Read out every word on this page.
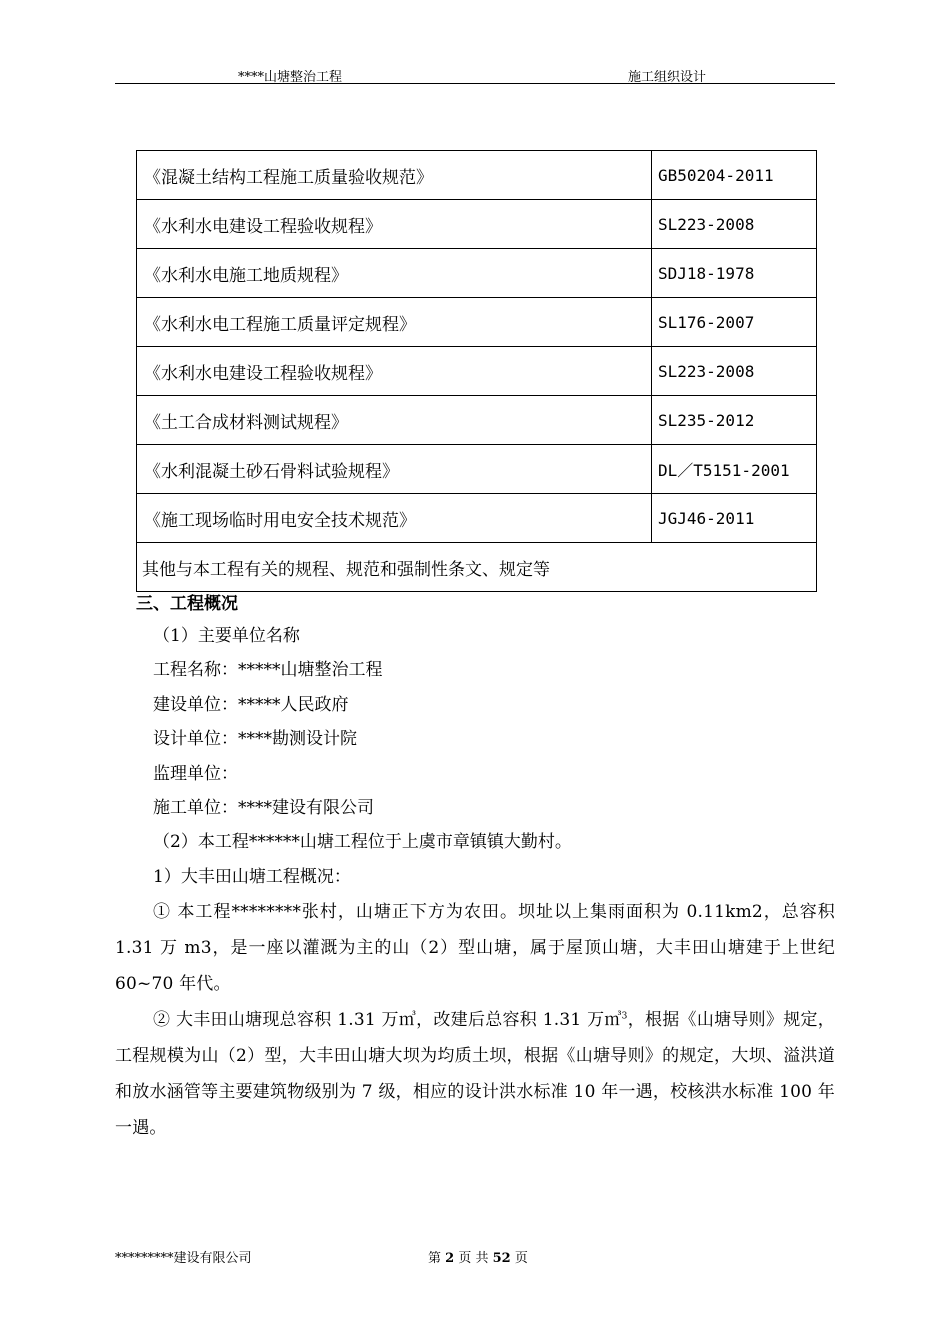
****山塘整治工程	施工组织设计
《混凝土结构工程施工质量验收规范》	GB50204-2011
《水利水电建设工程验收规程》	SL223-2008
《水利水电施工地质规程》	SDJ18-1978
《水利水电工程施工质量评定规程》	SL176-2007
《水利水电建设工程验收规程》	SL223-2008
《土工合成材料测试规程》	SL235-2012
《水利混凝土砂石骨料试验规程》	DL／T5151-2001
《施工现场临时用电安全技术规范》	JGJ46-2011
其他与本工程有关的规程、规范和强制性条文、规定等	
三、工程概况
（1）主要单位名称
工程名称：*****山塘整治工程
建设单位：*****人民政府
设计单位：****勘测设计院
监理单位：
施工单位：****建设有限公司
（2）本工程******山塘工程位于上虞市章镇镇大勤村。
1）大丰田山塘工程概况：
① 本工程********张村，山塘正下方为农田。坝址以上集雨面积为 0.11km2，总容积 1.31 万 m3，是一座以灌溉为主的山（2）型山塘，属于屋顶山塘，大丰田山塘建于上世纪 60~70 年代。
② 大丰田山塘现总容积 1.31 万㎥，改建后总容积 1.31 万㎥$^3$，根据《山塘导则》规定，工程规模为山（2）型，大丰田山塘大坝为均质土坝，根据《山塘导则》的规定，大坝、溢洪道和放水涵管等主要建筑物级别为 7 级，相应的设计洪水标准 10 年一遇，校核洪水标准 100 年一遇。
*********建设有限公司	第 2 页 共 52 页
